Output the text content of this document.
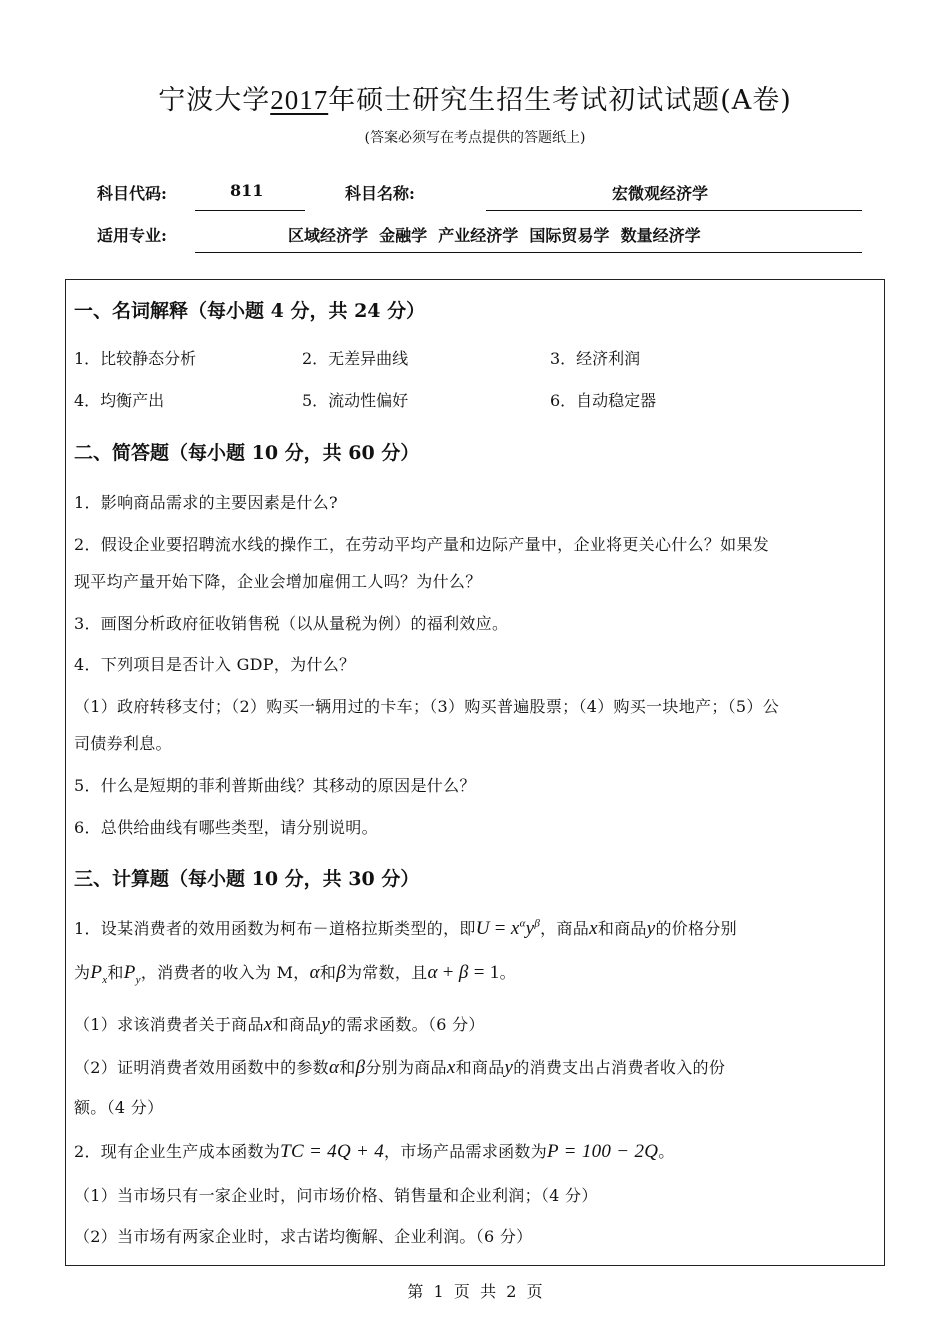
宁波大学2017年硕士研究生招生考试初试试题(A卷)
(答案必须写在考点提供的答题纸上)
科目代码:	811	科目名称:	宏微观经济学
适用专业:	区域经济学  金融学  产业经济学  国际贸易学  数量经济学
一、名词解释（每小题 4 分，共 24 分）
1．比较静态分析	2．无差异曲线	3．经济利润
4．均衡产出	5．流动性偏好	6．自动稳定器
二、简答题（每小题 10 分，共 60 分）
1．影响商品需求的主要因素是什么?
2．假设企业要招聘流水线的操作工，在劳动平均产量和边际产量中，企业将更关心什么？如果发
现平均产量开始下降，企业会增加雇佣工人吗？为什么？
3．画图分析政府征收销售税（以从量税为例）的福利效应。
4．下列项目是否计入 GDP，为什么？
（1）政府转移支付；（2）购买一辆用过的卡车；（3）购买普遍股票；（4）购买一块地产；（5）公
司债券利息。
5．什么是短期的菲利普斯曲线？其移动的原因是什么？
6．总供给曲线有哪些类型，请分别说明。
三、计算题（每小题 10 分，共 30 分）
1．设某消费者的效用函数为柯布－道格拉斯类型的，即$U = x^\alpha y^\beta$，商品x和商品y的价格分别
为$P_x$和$P_y$，消费者的收入为 M，α和β为常数，且α + β = 1。
（1）求该消费者关于商品x和商品y的需求函数。（6 分）
（2）证明消费者效用函数中的参数α和β分别为商品x和商品y的消费支出占消费者收入的份
额。（4 分）
2．现有企业生产成本函数为TC = 4Q + 4，市场产品需求函数为P = 100 − 2Q。
（1）当市场只有一家企业时，问市场价格、销售量和企业利润；（4 分）
（2）当市场有两家企业时，求古诺均衡解、企业利润。（6 分）
第  1  页  共  2  页
